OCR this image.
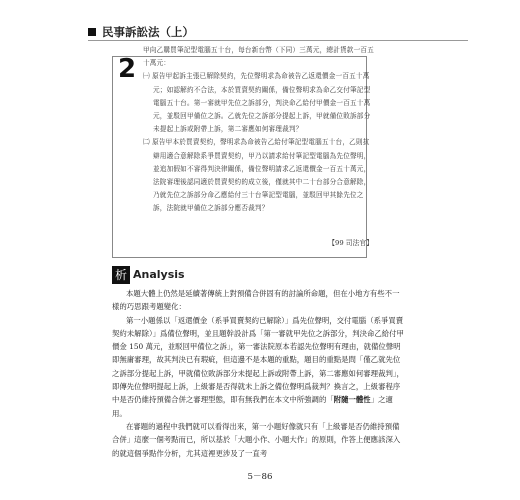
民事訴訟法（上）
2

甲向乙購買筆記型電腦五十台，每台新台幣（下同）三萬元，總計貨款一百五十萬元：

㈠ 原告甲起訴主張已解除契約，先位聲明求為命被告乙返還價金一百五十萬元；如認解約不合法，本於買賣契約關係，備位聲明求為命乙交付筆記型電腦五十台。第一審就甲先位之訴部分，判決命乙給付甲價金一百五十萬元，並駁回甲備位之訴。乙就先位之訴部分提起上訴，甲就備位敗訴部分未提起上訴或附帶上訴，第二審應如何審理裁判？

㈡ 原告甲本於買賣契約，聲明求為命被告乙給付筆記型電腦五十台，乙則抗辯用適合意解除系爭買賣契約，甲乃以請求給付筆記型電腦為先位聲明，並追加假如不審得判決律關係，備位聲明請求乙返還價金一百五十萬元，法院審理後認同適於買賣契約的成立後，僅就其中二十台部分合意解除，乃就先位之訴部分命乙應給付三十台筆記型電腦，並駁回甲其餘先位之訴，法院就甲備位之訴部分應否裁判？

【99 司法官】
析 Analysis

本題大體上仍然是延續著傳統上對預備合併固有的討論所命題，但在小地方有些不一樣的巧思跟考題變化：

第一小題係以「返還價金（系爭買賣契約已解除）」爲先位聲明，交付電腦（系爭買賣契約未解除）」爲備位聲明，並且題幹設計爲「第一審就甲先位之訴部分，判決命乙給付甲價金 150 萬元，並駁回甲備位之訴」，第一審法院原本若認先位聲明有理由，就備位聲明即無庸審理，故其判決已有瑕疵，但這邊不是本題的重點，題目的重點是問「僅乙就先位之訴部分提起上訴，甲就備位敗訴部分未提起上訴或附帶上訴，第二審應如何審理裁判」，即傳先位聲明提起上訴，上級審是否得就未上訴之備位聲明爲裁判？換言之，上級審程序中是否仍維持預備合併之審理型態，即有無我們在本文中所強調的「附隨一體性」之適用。

在審題的過程中我們就可以看得出來，第一小題好像就只有「上級審是否仍維持預備合併」這麼一個考點而已，所以基於「大題小作、小題大作」的原則，作答上便應該深入的就這個爭點作分析，尤其這裡更涉及了一直考

5－86
